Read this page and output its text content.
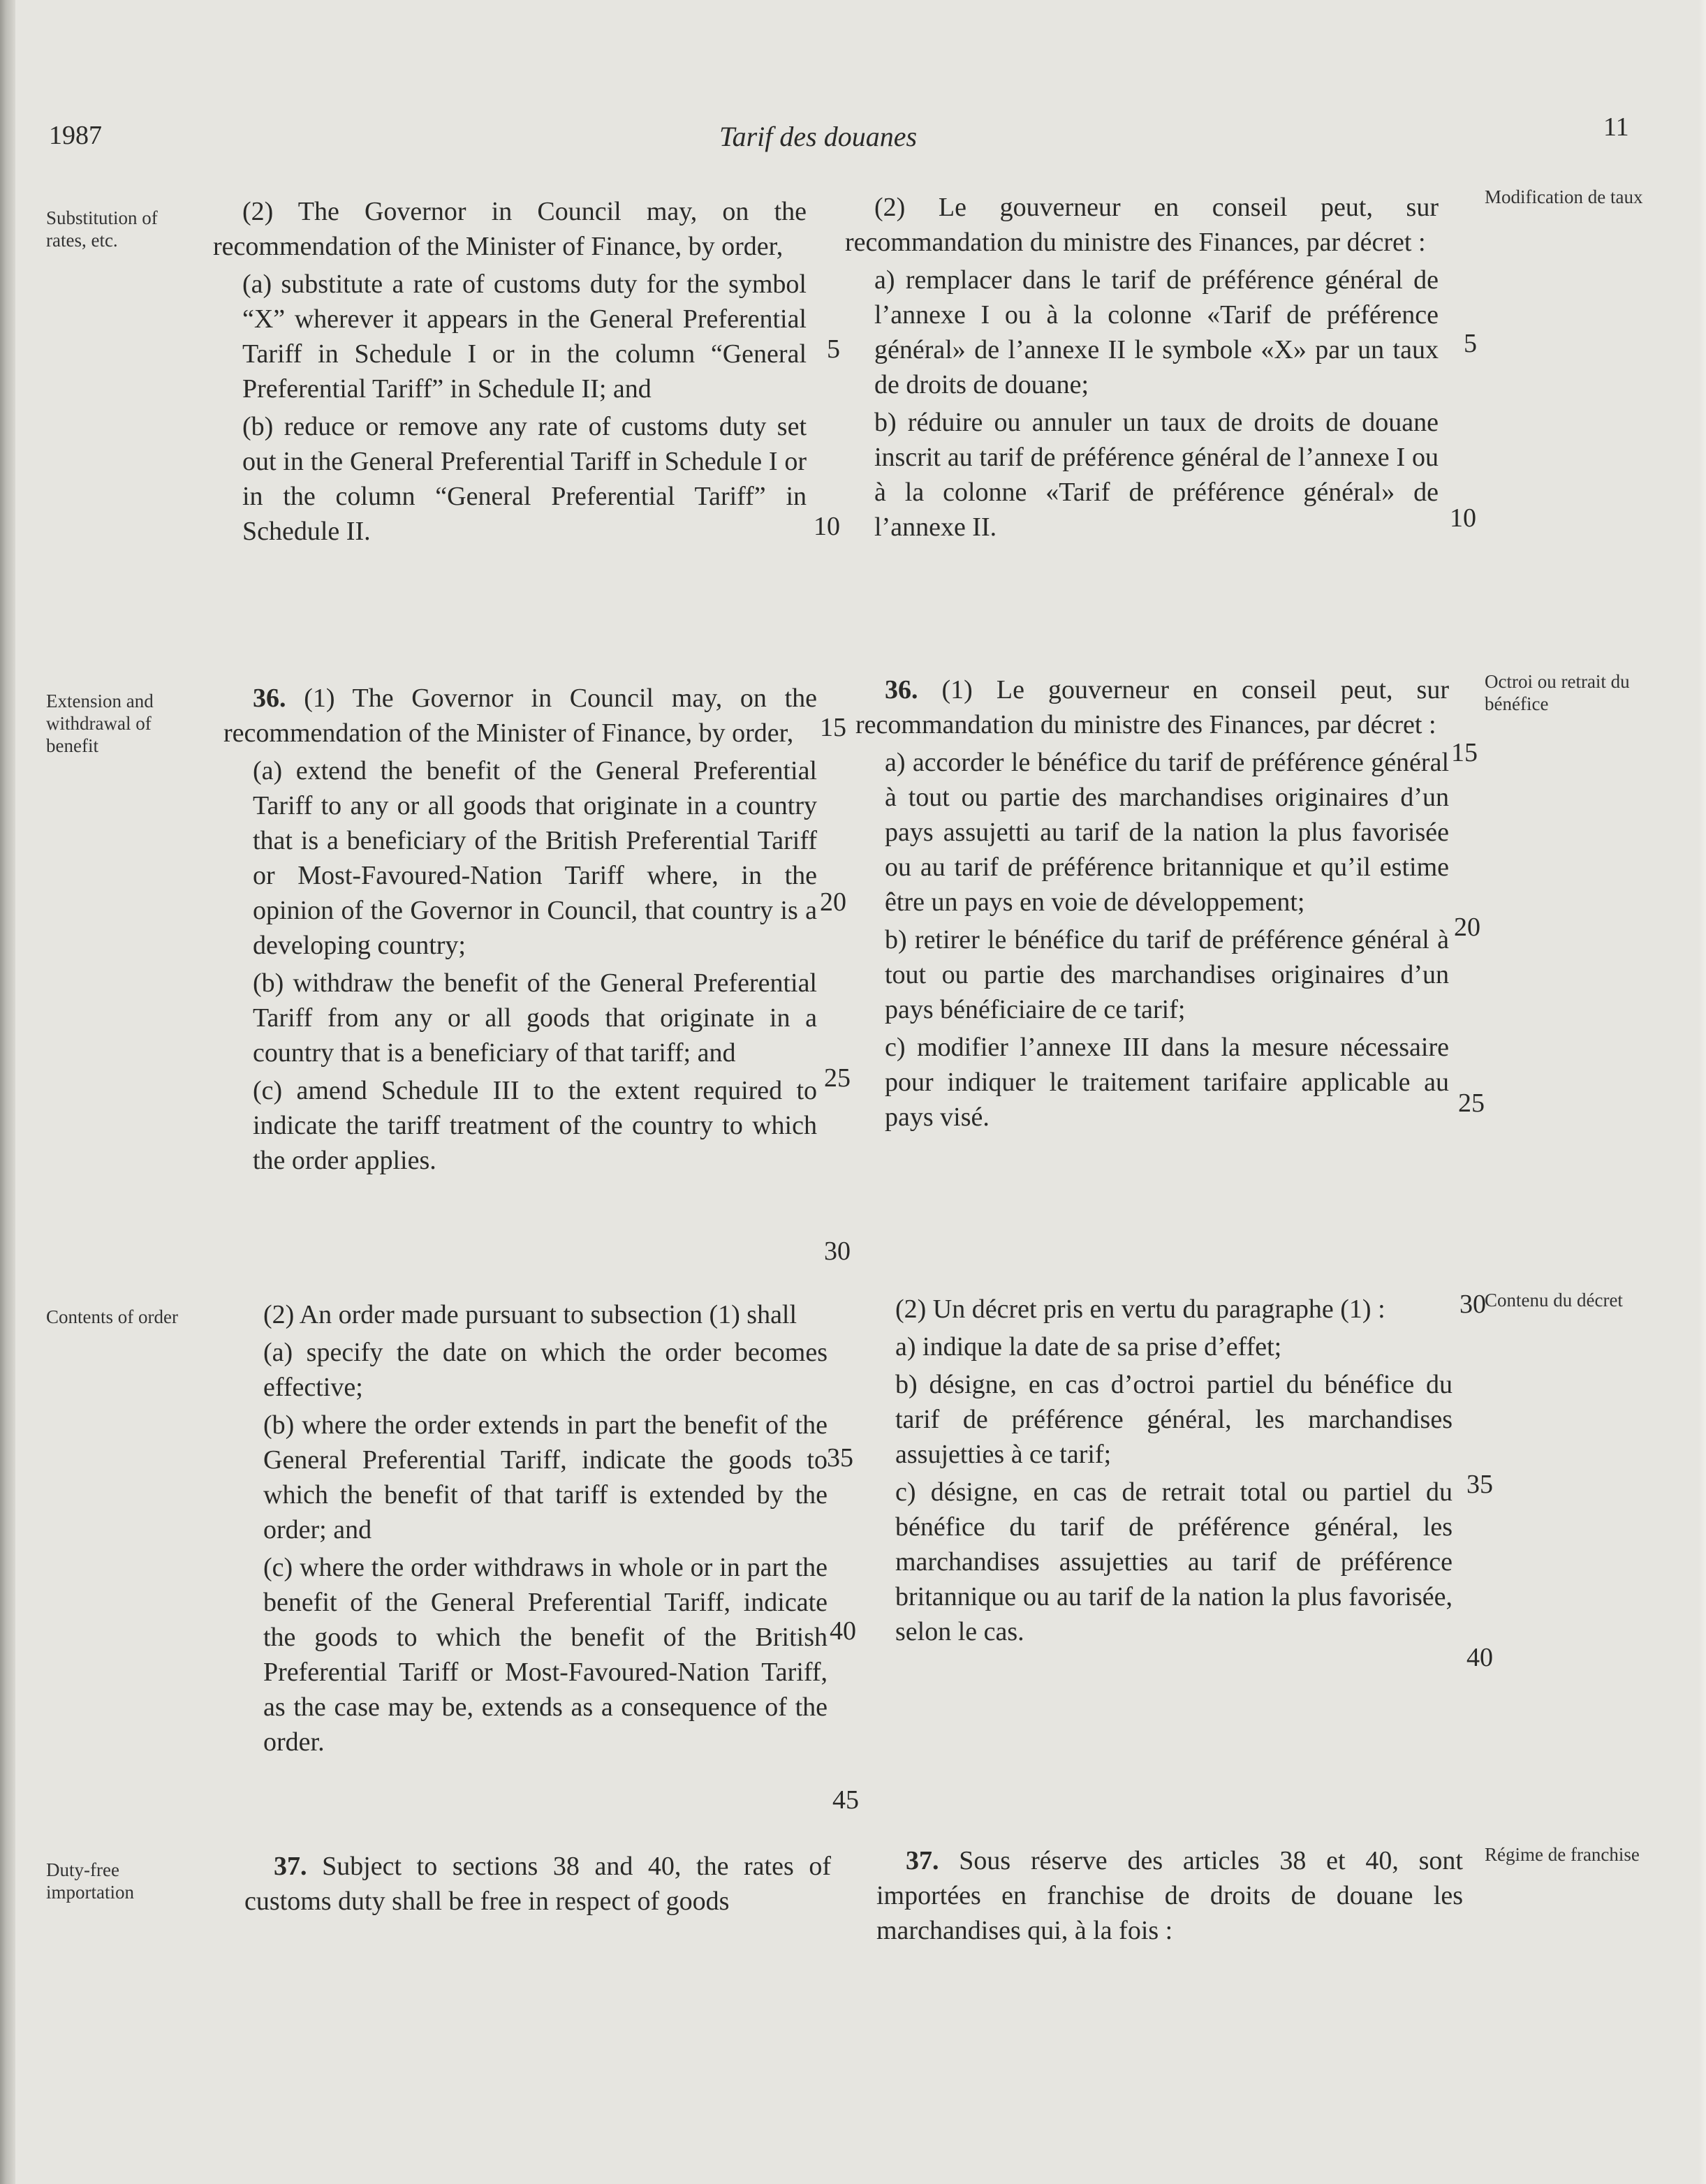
1987	Tarif des douanes	11
Substitution of rates, etc.
Modification de taux

(2) The Governor in Council may, on the recommendation of the Minister of Finance, by order,

(a) substitute a rate of customs duty for the symbol “X” wherever it appears in the General Preferential Tariff in Schedule I or in the column “General Preferential Tariff” in Schedule II; and

(b) reduce or remove any rate of customs duty set out in the General Preferential Tariff in Schedule I or in the column “General Preferential Tariff” in Schedule II.

(2) Le gouverneur en conseil peut, sur recommandation du ministre des Finances, par décret :

a) remplacer dans le tarif de préférence général de l’annexe I ou à la colonne «Tarif de préférence général» de l’annexe II le symbole «X» par un taux de droits de douane;

b) réduire ou annuler un taux de droits de douane inscrit au tarif de préférence général de l’annexe I ou à la colonne «Tarif de préférence général» de l’annexe II.

Extension and withdrawal of benefit
Octroi ou retrait du bénéfice

36. (1) The Governor in Council may, on the recommendation of the Minister of Finance, by order,

(a) extend the benefit of the General Preferential Tariff to any or all goods that originate in a country that is a beneficiary of the British Preferential Tariff or Most-Favoured-Nation Tariff where, in the opinion of the Governor in Council, that country is a developing country;

(b) withdraw the benefit of the General Preferential Tariff from any or all goods that originate in a country that is a beneficiary of that tariff; and

(c) amend Schedule III to the extent required to indicate the tariff treatment of the country to which the order applies.

36. (1) Le gouverneur en conseil peut, sur recommandation du ministre des Finances, par décret :

a) accorder le bénéfice du tarif de préférence général à tout ou partie des marchandises originaires d’un pays assujetti au tarif de la nation la plus favorisée ou au tarif de préférence britannique et qu’il estime être un pays en voie de développement;

b) retirer le bénéfice du tarif de préférence général à tout ou partie des marchandises originaires d’un pays bénéficiaire de ce tarif;

c) modifier l’annexe III dans la mesure nécessaire pour indiquer le traitement tarifaire applicable au pays visé.

Contents of order
Contenu du décret

(2) An order made pursuant to subsection (1) shall

(a) specify the date on which the order becomes effective;

(b) where the order extends in part the benefit of the General Preferential Tariff, indicate the goods to which the benefit of that tariff is extended by the order; and

(c) where the order withdraws in whole or in part the benefit of the General Preferential Tariff, indicate the goods to which the benefit of the British Preferential Tariff or Most-Favoured-Nation Tariff, as the case may be, extends as a consequence of the order.

(2) Un décret pris en vertu du paragraphe (1) :

a) indique la date de sa prise d’effet;

b) désigne, en cas d’octroi partiel du bénéfice du tarif de préférence général, les marchandises assujetties à ce tarif;

c) désigne, en cas de retrait total ou partiel du bénéfice du tarif de préférence général, les marchandises assujetties au tarif de préférence britannique ou au tarif de la nation la plus favorisée, selon le cas.

Duty-free importation
Régime de franchise

37. Subject to sections 38 and 40, the rates of customs duty shall be free in respect of goods

37. Sous réserve des articles 38 et 40, sont importées en franchise de droits de douane les marchandises qui, à la fois :

5
10
15
20
25
30
35
40
45
5
10
15
20
25
30
35
40
